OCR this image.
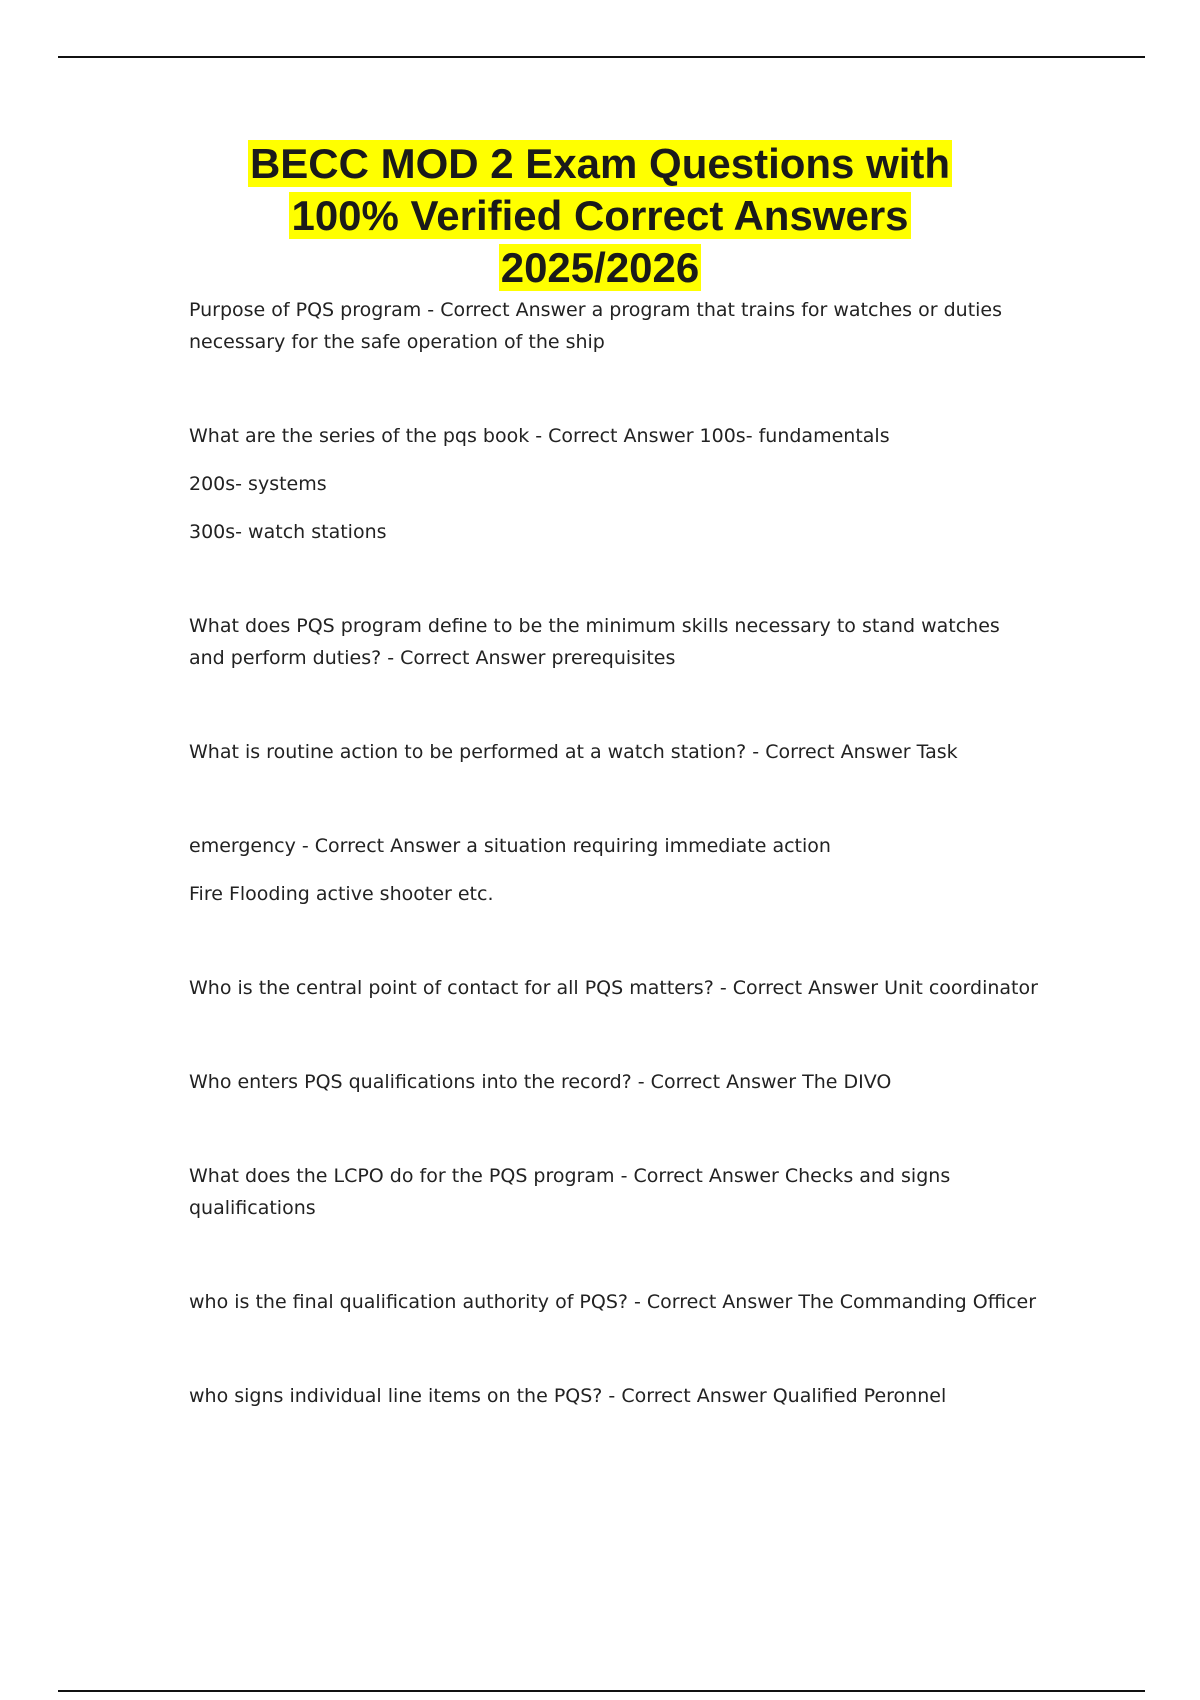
BECC MOD 2 Exam Questions with
100% Verified Correct Answers
2025/2026

Purpose of PQS program - Correct Answer a program that trains for watches or duties necessary for the safe operation of the ship

What are the series of the pqs book - Correct Answer 100s- fundamentals

200s- systems

300s- watch stations

What does PQS program define to be the minimum skills necessary to stand watches and perform duties? - Correct Answer prerequisites

What is routine action to be performed at a watch station? - Correct Answer Task

emergency - Correct Answer a situation requiring immediate action

Fire Flooding active shooter etc.

Who is the central point of contact for all PQS matters? - Correct Answer Unit coordinator

Who enters PQS qualifications into the record? - Correct Answer The DIVO

What does the LCPO do for the PQS program - Correct Answer Checks and signs qualifications

who is the final qualification authority of PQS? - Correct Answer The Commanding Officer

who signs individual line items on the PQS? - Correct Answer Qualified Peronnel
